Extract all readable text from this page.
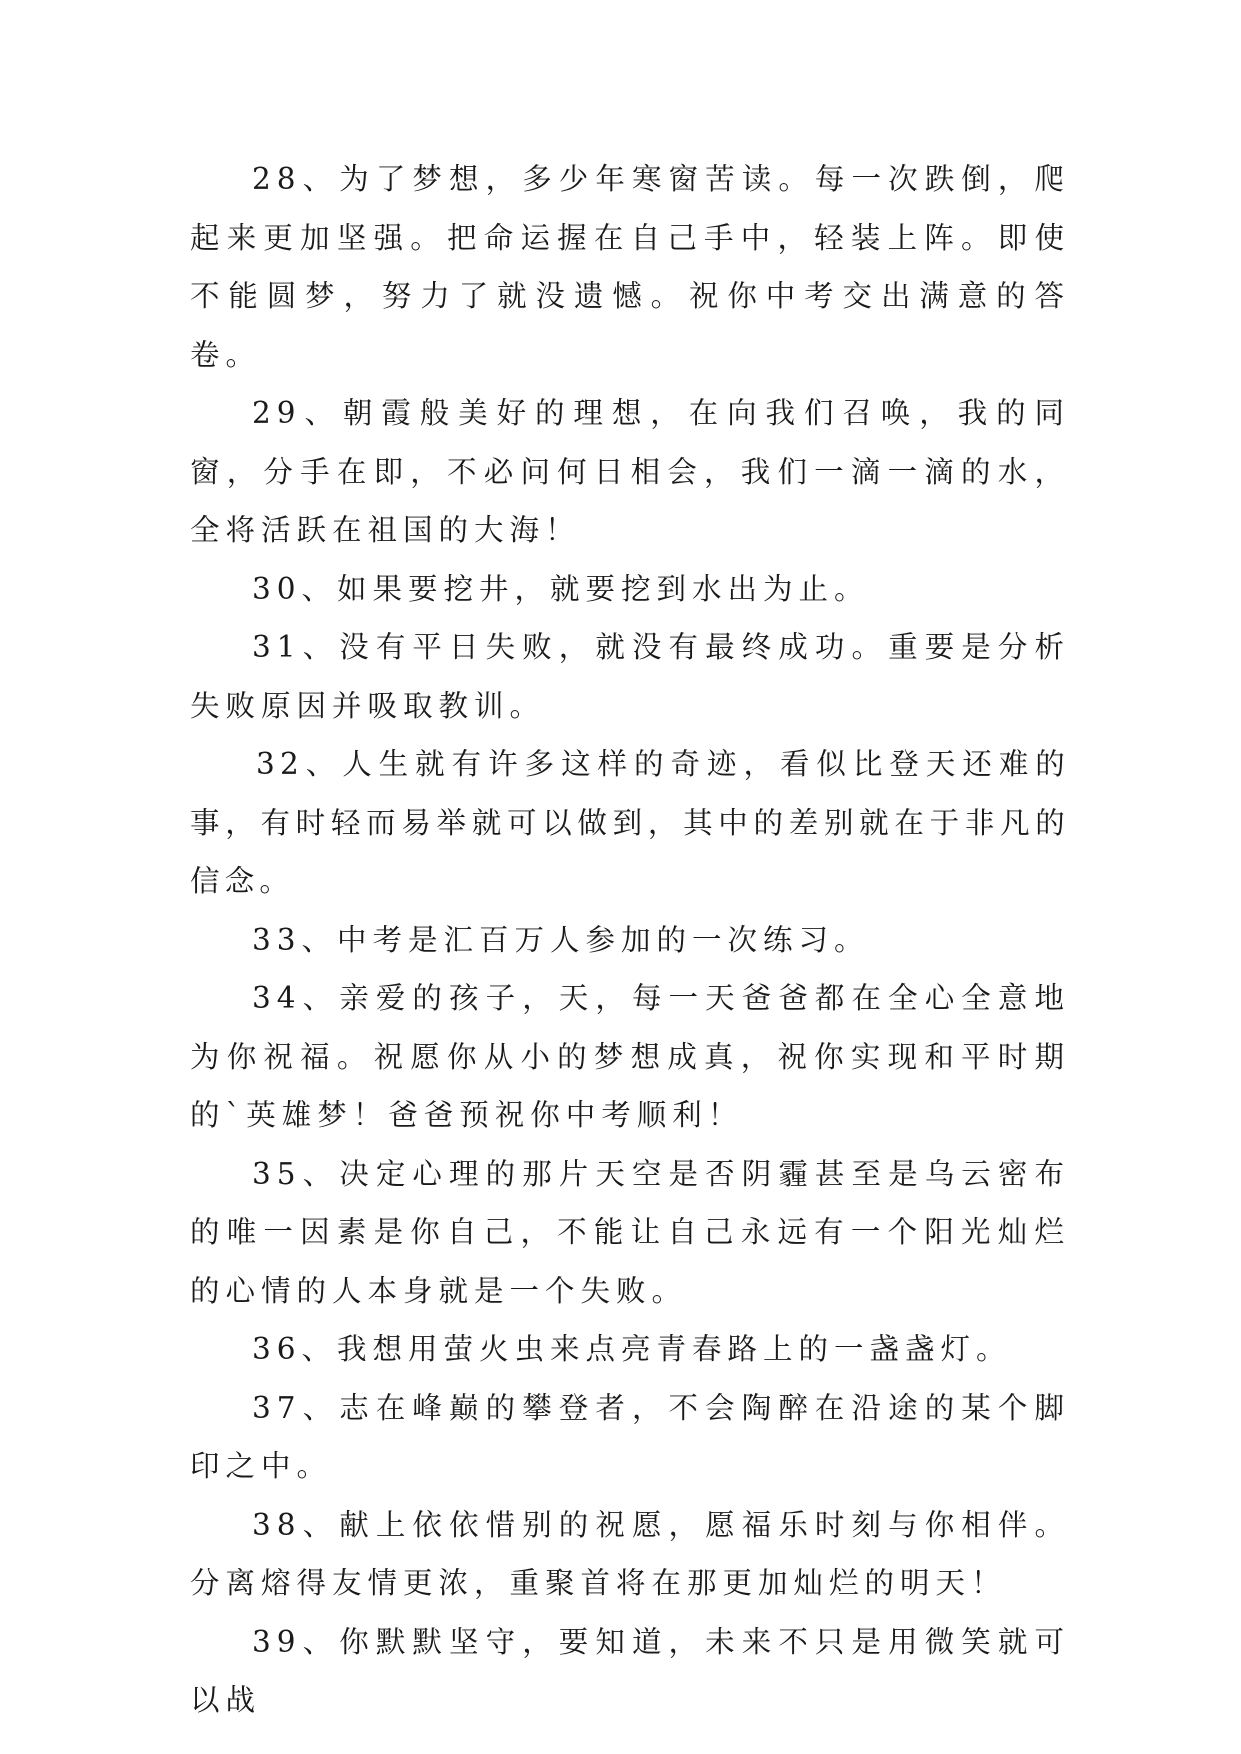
28、为了梦想，多少年寒窗苦读。每一次跌倒，爬起来更加坚强。把命运握在自己手中，轻装上阵。即使不能圆梦，努力了就没遗憾。祝你中考交出满意的答卷。

29、朝霞般美好的理想，在向我们召唤，我的同窗，分手在即，不必问何日相会，我们一滴一滴的水，全将活跃在祖国的大海！

30、如果要挖井，就要挖到水出为止。

31、没有平日失败，就没有最终成功。重要是分析失败原因并吸取教训。

32、人生就有许多这样的奇迹，看似比登天还难的事，有时轻而易举就可以做到，其中的差别就在于非凡的信念。

33、中考是汇百万人参加的一次练习。

34、亲爱的孩子，天，每一天爸爸都在全心全意地为你祝福。祝愿你从小的梦想成真，祝你实现和平时期的`英雄梦！爸爸预祝你中考顺利！

35、决定心理的那片天空是否阴霾甚至是乌云密布的唯一因素是你自己，不能让自己永远有一个阳光灿烂的心情的人本身就是一个失败。

36、我想用萤火虫来点亮青春路上的一盏盏灯。

37、志在峰巅的攀登者，不会陶醉在沿途的某个脚印之中。

38、献上依依惜别的祝愿，愿福乐时刻与你相伴。分离熔得友情更浓，重聚首将在那更加灿烂的明天！

39、你默默坚守，要知道，未来不只是用微笑就可以战
